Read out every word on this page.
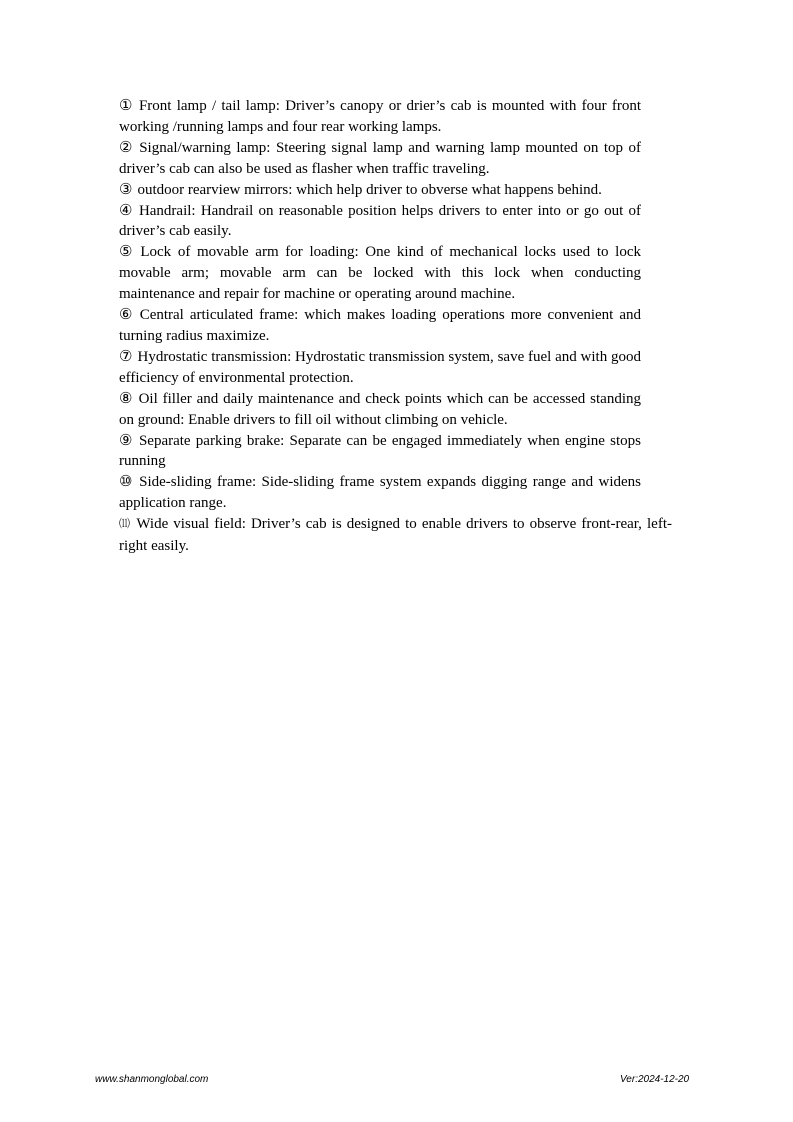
① Front lamp / tail lamp: Driver’s canopy or drier’s cab is mounted with four front working /running lamps and four rear working lamps.

② Signal/warning lamp: Steering signal lamp and warning lamp mounted on top of driver’s cab can also be used as flasher when traffic traveling.

③ outdoor rearview mirrors: which help driver to obverse what happens behind.

④ Handrail: Handrail on reasonable position helps drivers to enter into or go out of driver’s cab easily.

⑤ Lock of movable arm for loading: One kind of mechanical locks used to lock movable arm; movable arm can be locked with this lock when conducting maintenance and repair for machine or operating around machine.

⑥ Central articulated frame: which makes loading operations more convenient and turning radius maximize.

⑦ Hydrostatic transmission: Hydrostatic transmission system, save fuel and with good efficiency of environmental protection.

⑧ Oil filler and daily maintenance and check points which can be accessed standing on ground: Enable drivers to fill oil without climbing on vehicle.

⑨ Separate parking brake: Separate can be engaged immediately when engine stops running

⑩ Side-sliding frame: Side-sliding frame system expands digging range and widens application range.

⑾ Wide visual field: Driver’s cab is designed to enable drivers to observe front-rear, left-right easily.

www.shanmonglobal.com	Ver:2024-12-20
